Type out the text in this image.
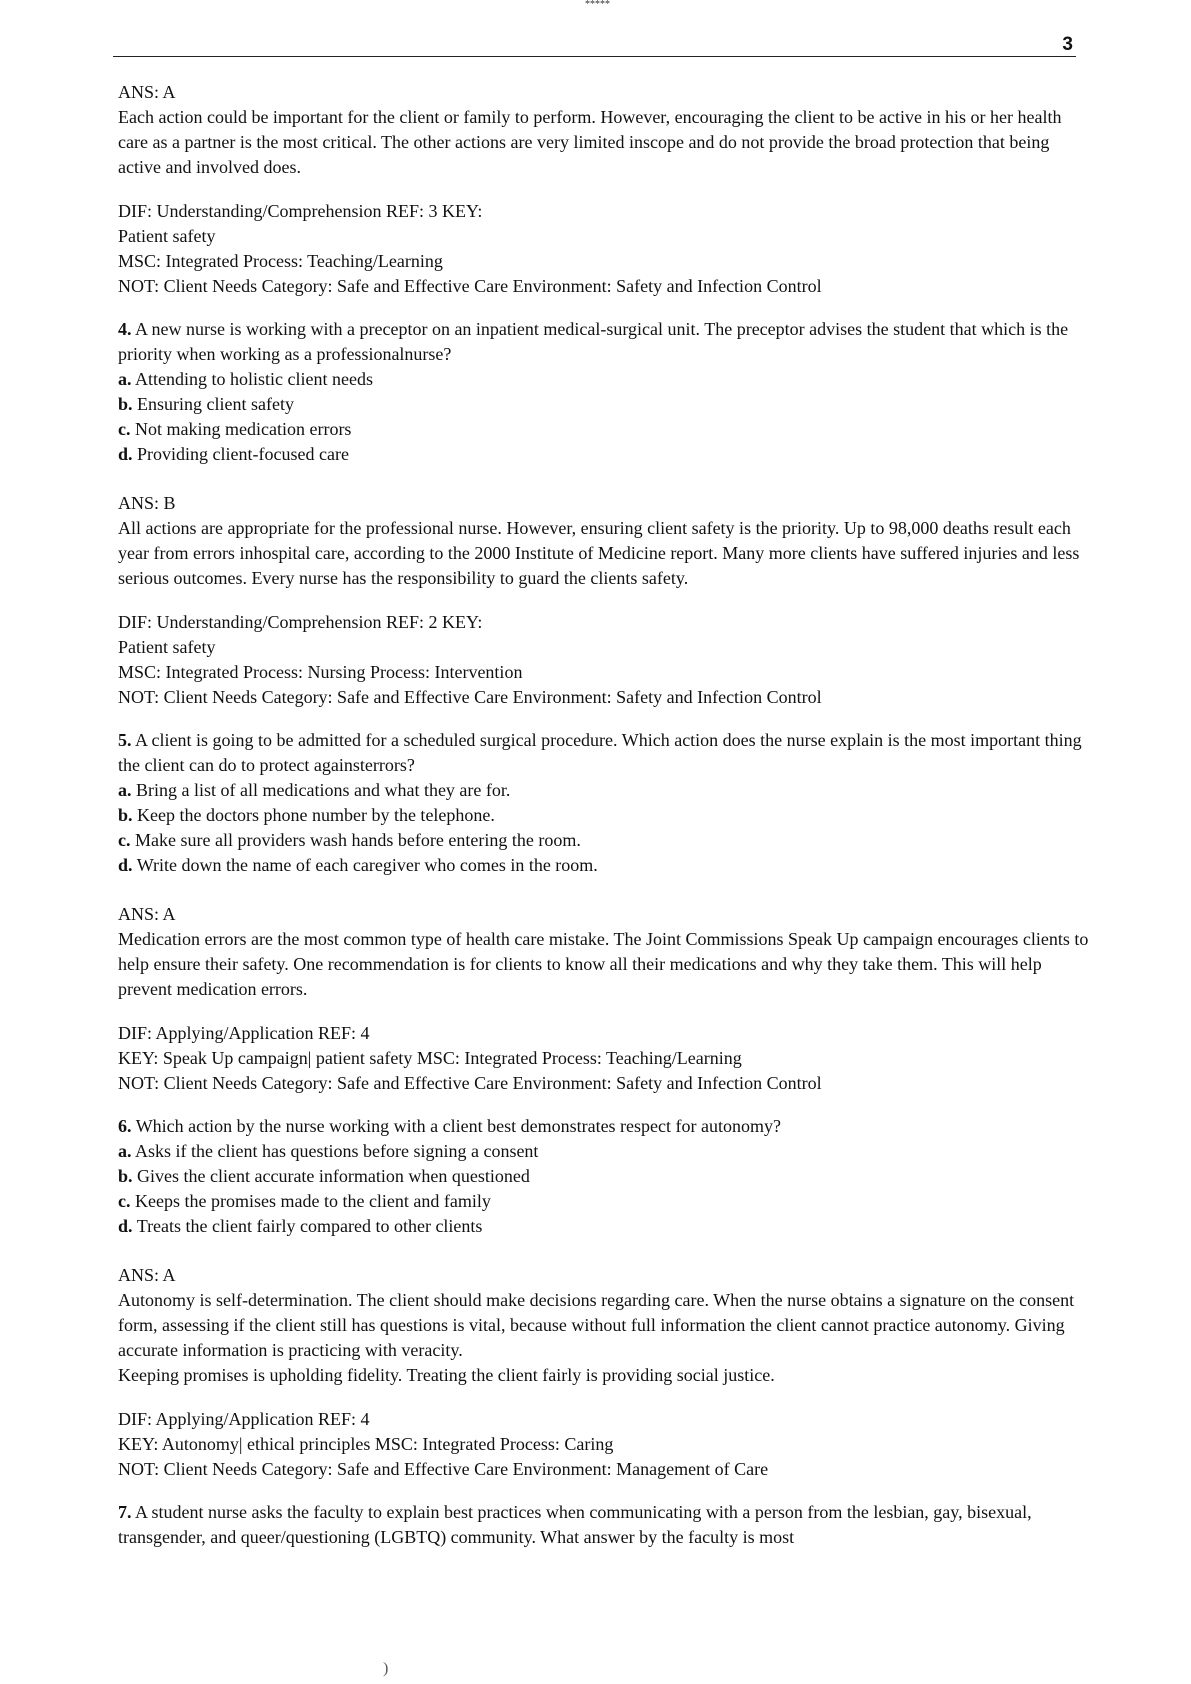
*****
3

ANS: A

Each action could be important for the client or family to perform. However, encouraging the client to be active in his or her health care as a partner is the most critical. The other actions are very limited inscope and do not provide the broad protection that being active and involved does.

DIF: Understanding/Comprehension REF: 3 KEY:

Patient safety

MSC: Integrated Process: Teaching/Learning

NOT: Client Needs Category: Safe and Effective Care Environment: Safety and Infection Control

4. A new nurse is working with a preceptor on an inpatient medical-surgical unit. The preceptor advises the student that which is the priority when working as a professionalnurse?

a. Attending to holistic client needs

b. Ensuring client safety

c. Not making medication errors

d. Providing client-focused care

ANS: B

All actions are appropriate for the professional nurse. However, ensuring client safety is the priority. Up to 98,000 deaths result each year from errors inhospital care, according to the 2000 Institute of Medicine report. Many more clients have suffered injuries and less serious outcomes. Every nurse has the responsibility to guard the clients safety.

DIF: Understanding/Comprehension REF: 2 KEY:

Patient safety

MSC: Integrated Process: Nursing Process: Intervention

NOT: Client Needs Category: Safe and Effective Care Environment: Safety and Infection Control

5. A client is going to be admitted for a scheduled surgical procedure. Which action does the nurse explain is the most important thing the client can do to protect againsterrors?

a. Bring a list of all medications and what they are for.

b. Keep the doctors phone number by the telephone.

c. Make sure all providers wash hands before entering the room.

d. Write down the name of each caregiver who comes in the room.

ANS: A

Medication errors are the most common type of health care mistake. The Joint Commissions Speak Up campaign encourages clients to help ensure their safety. One recommendation is for clients to know all their medications and why they take them. This will help prevent medication errors.

DIF: Applying/Application REF: 4

KEY: Speak Up campaign| patient safety MSC: Integrated Process: Teaching/Learning

NOT: Client Needs Category: Safe and Effective Care Environment: Safety and Infection Control

6. Which action by the nurse working with a client best demonstrates respect for autonomy?

a. Asks if the client has questions before signing a consent

b. Gives the client accurate information when questioned

c. Keeps the promises made to the client and family

d. Treats the client fairly compared to other clients

ANS: A

Autonomy is self-determination. The client should make decisions regarding care. When the nurse obtains a signature on the consent form, assessing if the client still has questions is vital, because without full information the client cannot practice autonomy. Giving accurate information is practicing with veracity.

Keeping promises is upholding fidelity. Treating the client fairly is providing social justice.

DIF: Applying/Application REF: 4

KEY: Autonomy| ethical principles MSC: Integrated Process: Caring

NOT: Client Needs Category: Safe and Effective Care Environment: Management of Care

7. A student nurse asks the faculty to explain best practices when communicating with a person from the lesbian, gay, bisexual, transgender, and queer/questioning (LGBTQ) community. What answer by the faculty is most

)
